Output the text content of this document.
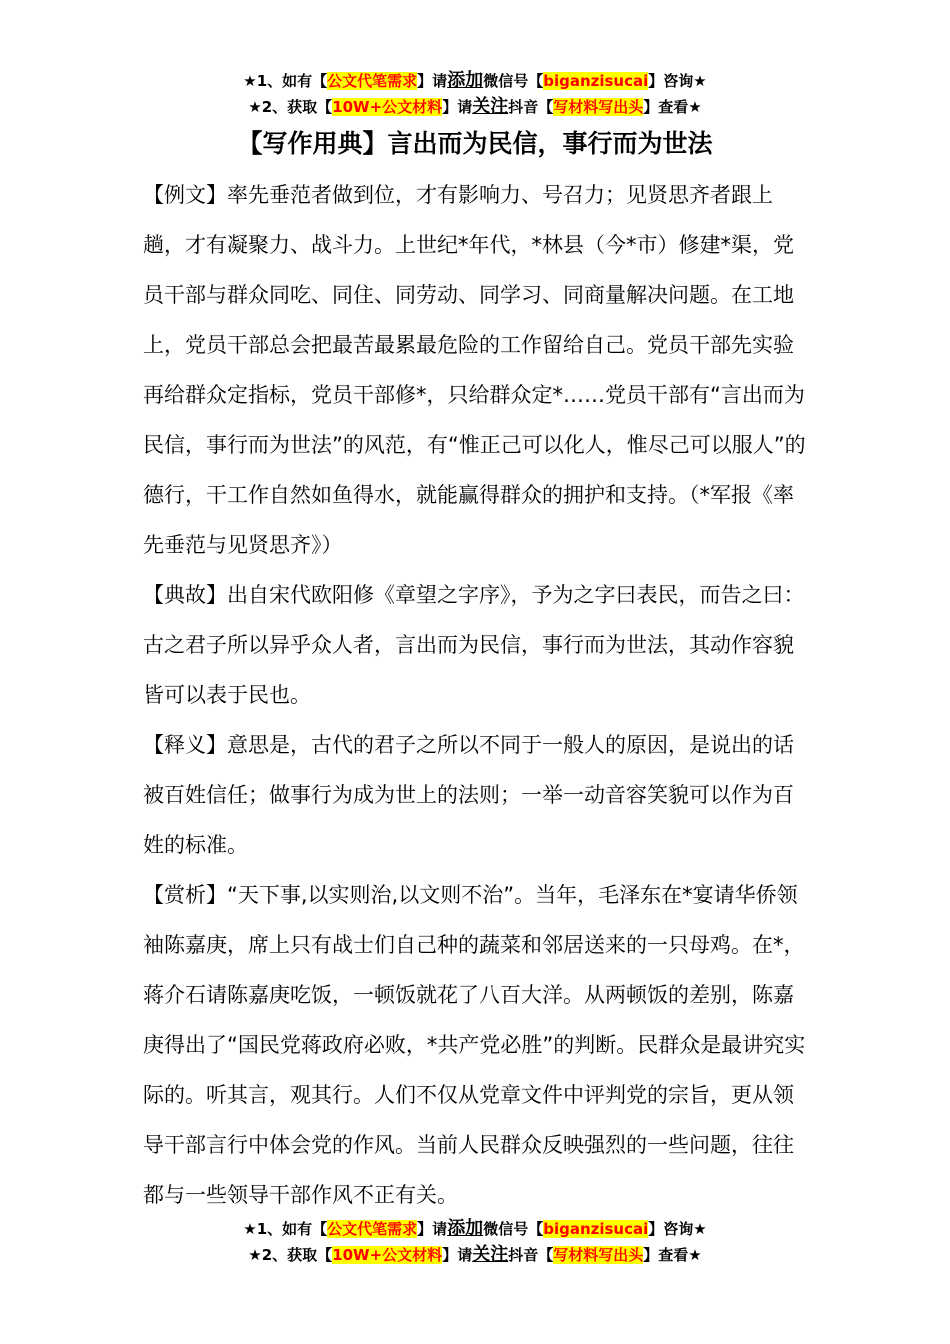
★1、如有【公文代笔需求】请添加微信号【biganzisucai】咨询★
★2、获取【10W+公文材料】请关注抖音【写材料写出头】查看★
【写作用典】言出而为民信，事行而为世法

【例文】率先垂范者做到位，才有影响力、号召力；见贤思齐者跟上趟，才有凝聚力、战斗力。上世纪*年代，*林县（今*市）修建*渠，党员干部与群众同吃、同住、同劳动、同学习、同商量解决问题。在工地上，党员干部总会把最苦最累最危险的工作留给自己。党员干部先实验再给群众定指标，党员干部修*，只给群众定*……党员干部有“言出而为民信，事行而为世法”的风范，有“惟正己可以化人，惟尽己可以服人”的德行，干工作自然如鱼得水，就能赢得群众的拥护和支持。（*军报《率先垂范与见贤思齐》）

【典故】出自宋代欧阳修《章望之字序》，予为之字曰表民，而告之曰：古之君子所以异乎众人者，言出而为民信，事行而为世法，其动作容貌皆可以表于民也。

【释义】意思是，古代的君子之所以不同于一般人的原因，是说出的话被百姓信任；做事行为成为世上的法则；一举一动音容笑貌可以作为百姓的标准。

【赏析】“天下事,以实则治,以文则不治”。当年，毛泽东在*宴请华侨领袖陈嘉庚，席上只有战士们自己种的蔬菜和邻居送来的一只母鸡。在*，蒋介石请陈嘉庚吃饭，一顿饭就花了八百大洋。从两顿饭的差别，陈嘉庚得出了“国民党蒋政府必败，*共产党必胜”的判断。民群众是最讲究实际的。听其言，观其行。人们不仅从党章文件中评判党的宗旨，更从领导干部言行中体会党的作风。当前人民群众反映强烈的一些问题，往往都与一些领导干部作风不正有关。

★1、如有【公文代笔需求】请添加微信号【biganzisucai】咨询★
★2、获取【10W+公文材料】请关注抖音【写材料写出头】查看★
